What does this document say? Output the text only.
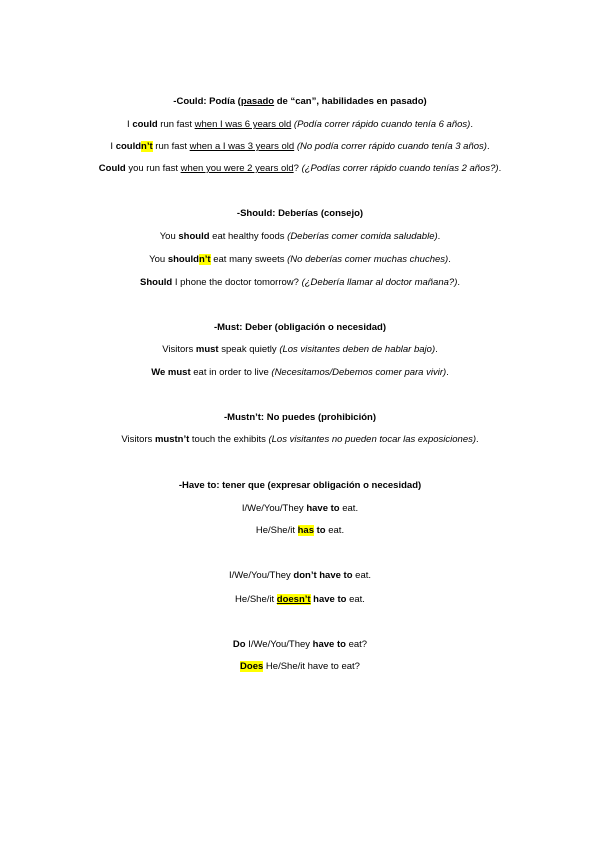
-Could: Podía (pasado de “can”, habilidades en pasado)
I could run fast when I was 6 years old (Podía correr rápido cuando tenía 6 años).
I couldn’t run fast when a I was 3 years old (No podía correr rápido cuando tenía 3 años).
Could you run fast when you were 2 years old? (¿Podías correr rápido cuando tenías 2 años?).
-Should: Deberías (consejo)
You should eat healthy foods (Deberías comer comida saludable).
You shouldn’t eat many sweets (No deberías comer muchas chuches).
Should I phone the doctor tomorrow? (¿Debería llamar al doctor mañana?).
-Must: Deber (obligación o necesidad)
Visitors must speak quietly (Los visitantes deben de hablar bajo).
We must eat in order to live (Necesitamos/Debemos comer para vivir).
-Mustn’t: No puedes (prohibición)
Visitors mustn’t touch the exhibits (Los visitantes no pueden tocar las exposiciones).
-Have to: tener que (expresar obligación o necesidad)
I/We/You/They have to eat.
He/She/it has to eat.
I/We/You/They don’t have to eat.
He/She/it doesn’t have to eat.
Do I/We/You/They have to eat?
Does He/She/it have to eat?
